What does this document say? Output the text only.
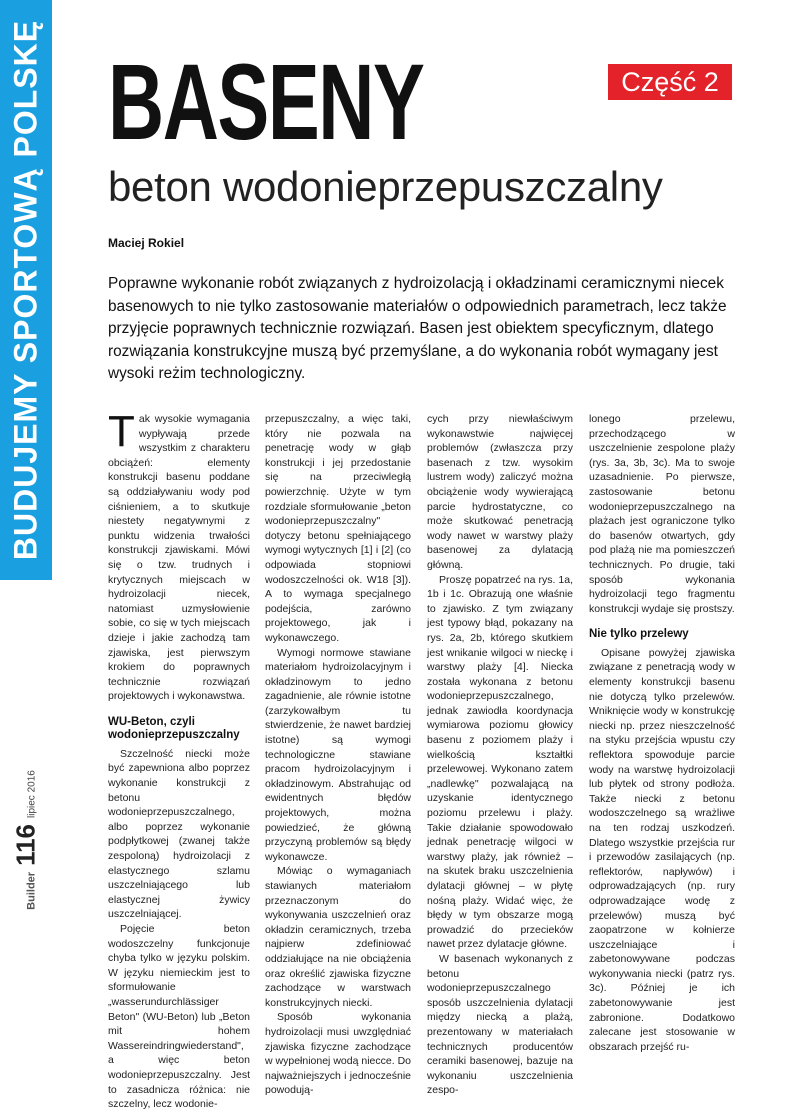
BUDUJEMY SPORTOWĄ POLSKĘ
Builder
116
lipiec 2016
BASENY	Część 2
beton wodonieprzepuszczalny
Maciej Rokiel
Poprawne wykonanie robót związanych z hydroizolacją i okładzinami ceramicznymi niecek basenowych to nie tylko zastosowanie materiałów o odpowiednich parametrach, lecz także przyjęcie poprawnych technicznie rozwiązań. Basen jest obiektem specyficznym, dlatego rozwiązania konstrukcyjne muszą być przemyślane, a do wykonania robót wymagany jest wysoki reżim technologiczny.

Tak wysokie wymagania wypływają przede wszystkim z charakteru obciążeń: elementy konstrukcji basenu poddane są oddziaływaniu wody pod ciśnieniem, a to skutkuje niestety negatywnymi z punktu widzenia trwałości konstrukcji zjawiskami. Mówi się o tzw. trudnych i krytycznych miejscach w hydroizolacji niecek, natomiast uzmysłowienie sobie, co się w tych miejscach dzieje i jakie zachodzą tam zjawiska, jest pierwszym krokiem do poprawnych technicznie rozwiązań projektowych i wykonawstwa.

WU-Beton, czyli wodonieprzepuszczalny

Szczelność niecki może być zapewniona albo poprzez wykonanie konstrukcji z betonu wodonieprzepuszczalnego, albo poprzez wykonanie podpłytkowej (zwanej także zespoloną) hydroizolacji z elastycznego szlamu uszczelniającego lub elastycznej żywicy uszczelniającej.

Pojęcie beton wodoszczelny funkcjonuje chyba tylko w języku polskim. W języku niemieckim jest to sformułowanie „wasserundurchlässiger Beton" (WU-Beton) lub „Beton mit hohem Wassereindringwiederstand", a więc beton wodonieprzepuszczalny. Jest to zasadnicza różnica: nie szczelny, lecz wodonie-

przepuszczalny, a więc taki, który nie pozwala na penetrację wody w głąb konstrukcji i jej przedostanie się na przeciwległą powierzchnię. Użyte w tym rozdziale sformułowanie „beton wodonieprzepuszczalny" dotyczy betonu spełniającego wymogi wytycznych [1] i [2] (co odpowiada stopniowi wodoszczelności ok. W18 [3]). A to wymaga specjalnego podejścia, zarówno projektowego, jak i wykonawczego.

Wymogi normowe stawiane materiałom hydroizolacyjnym i okładzinowym to jedno zagadnienie, ale równie istotne (zarzykowałbym tu stwierdzenie, że nawet bardziej istotne) są wymogi technologiczne stawiane pracom hydroizolacyjnym i okładzinowym. Abstrahując od ewidentnych błędów projektowych, można powiedzieć, że główną przyczyną problemów są błędy wykonawcze.

Mówiąc o wymaganiach stawianych materiałom przeznaczonym do wykonywania uszczelnień oraz okładzin ceramicznych, trzeba najpierw zdefiniować oddziałujące na nie obciążenia oraz określić zjawiska fizyczne zachodzące w warstwach konstrukcyjnych niecki.

Sposób wykonania hydroizolacji musi uwzględniać zjawiska fizyczne zachodzące w wypełnionej wodą niecce. Do najważniejszych i jednocześnie powodują-

cych przy niewłaściwym wykonawstwie najwięcej problemów (zwłaszcza przy basenach z tzw. wysokim lustrem wody) zaliczyć można obciążenie wody wywierającą parcie hydrostatyczne, co może skutkować penetracją wody nawet w warstwy plaży basenowej za dylatacją główną.

Proszę popatrzeć na rys. 1a, 1b i 1c. Obrazują one właśnie to zjawisko. Z tym związany jest typowy błąd, pokazany na rys. 2a, 2b, którego skutkiem jest wnikanie wilgoci w nieckę i warstwy plaży [4]. Niecka została wykonana z betonu wodonieprzepuszczalnego, jednak zawiodła koordynacja wymiarowa poziomu głowicy basenu z poziomem plaży i wielkością kształtki przelewowej. Wykonano zatem „nadlewkę" pozwalającą na uzyskanie identycznego poziomu przelewu i plaży. Takie działanie spowodowało jednak penetrację wilgoci w warstwy plaży, jak również – na skutek braku uszczelnienia dylatacji głównej – w płytę nośną plaży. Widać więc, że błędy w tym obszarze mogą prowadzić do przecieków nawet przez dylatacje główne.

W basenach wykonanych z betonu wodonieprzepuszczalnego sposób uszczelnienia dylatacji między niecką a plażą, prezentowany w materiałach technicznych producentów ceramiki basenowej, bazuje na wykonaniu uszczelnienia zespo-

lonego przelewu, przechodzącego w uszczelnienie zespolone plaży (rys. 3a, 3b, 3c). Ma to swoje uzasadnienie. Po pierwsze, zastosowanie betonu wodonieprzepuszczalnego na plażach jest ograniczone tylko do basenów otwartych, gdy pod plażą nie ma pomieszczeń technicznych. Po drugie, taki sposób wykonania hydroizolacji tego fragmentu konstrukcji wydaje się prostszy.

Nie tylko przelewy

Opisane powyżej zjawiska związane z penetracją wody w elementy konstrukcji basenu nie dotyczą tylko przelewów. Wniknięcie wody w konstrukcję niecki np. przez nieszczelność na styku przejścia wpustu czy reflektora spowoduje parcie wody na warstwę hydroizolacji lub płytek od strony podłoża. Także niecki z betonu wodoszczelnego są wrażliwe na ten rodzaj uszkodzeń. Dlatego wszystkie przejścia rur i przewodów zasilających (np. reflektorów, napływów) i odprowadzających (np. rury odprowadzające wodę z przelewów) muszą być zaopatrzone w kołnierze uszczelniające i zabetonowywane podczas wykonywania niecki (patrz rys. 3c). Później je ich zabetonowywanie jest zabronione. Dodatkowo zalecane jest stosowanie w obszarach przejść ru-
